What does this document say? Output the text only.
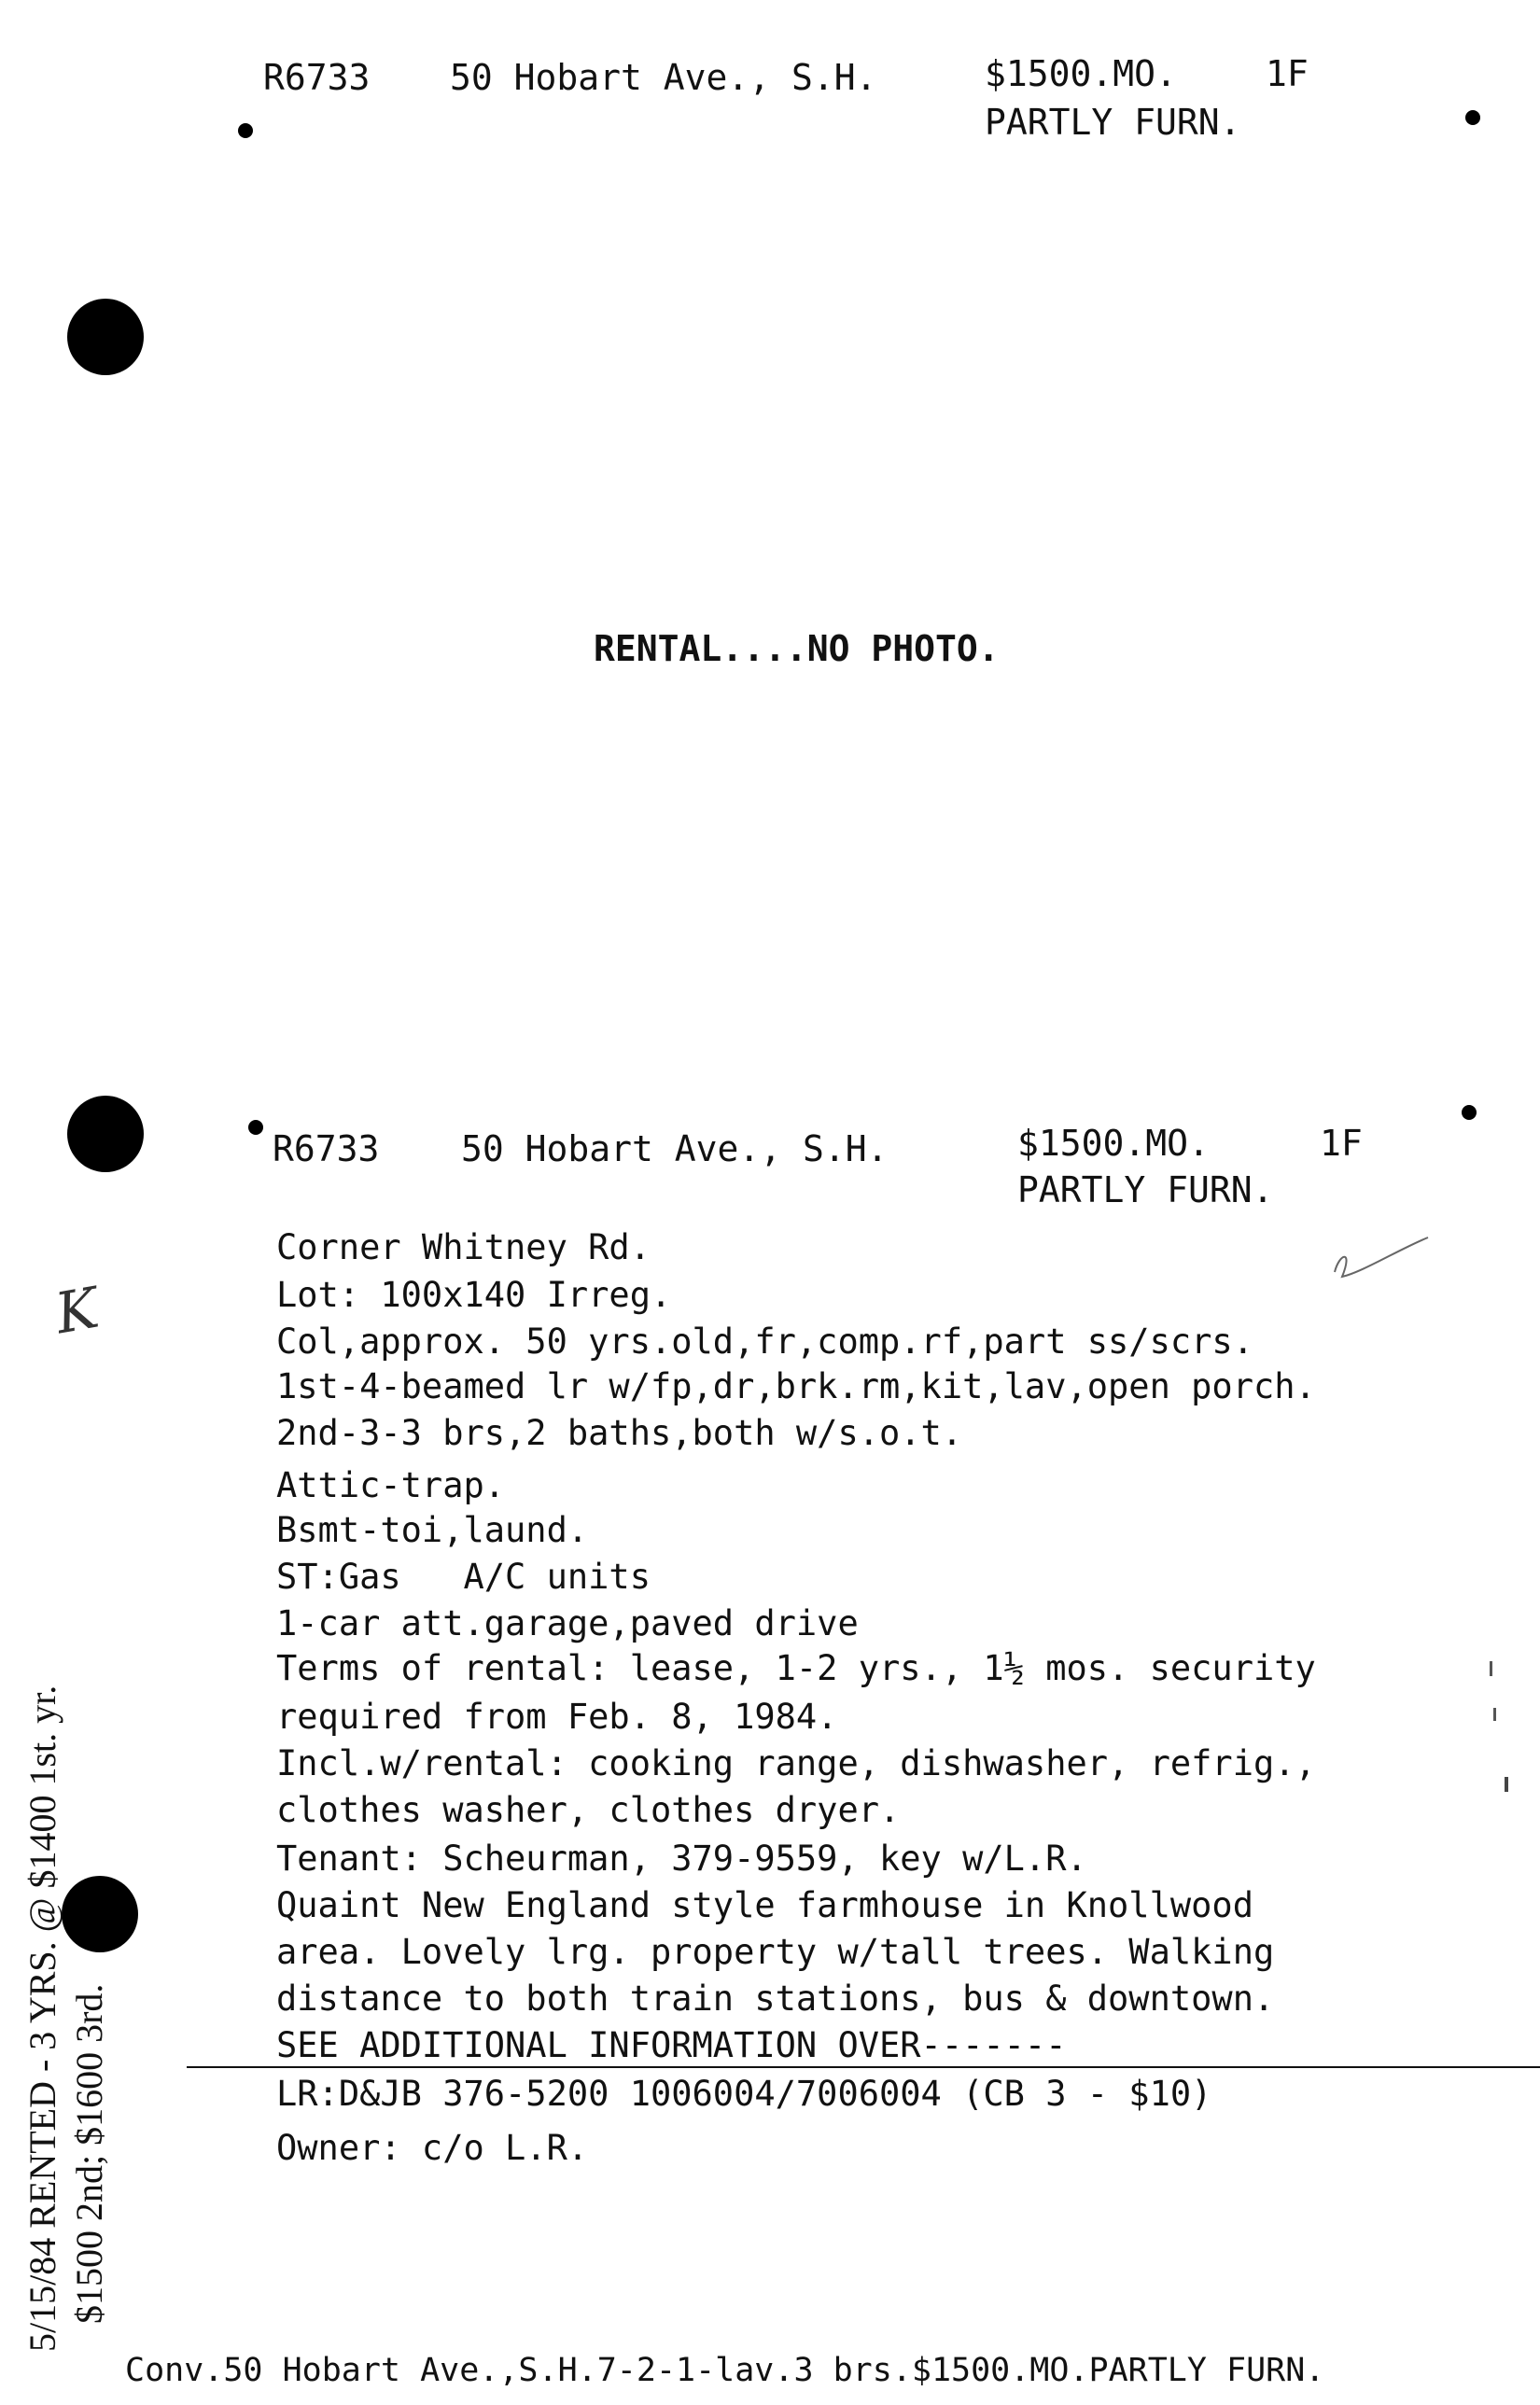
R6733 50 Hobart Ave., S.H.	$1500.MO.	1F
PARTLY FURN.
RENTAL....NO PHOTO.
R6733 50 Hobart Ave., S.H.	$1500.MO.	1F
PARTLY FURN.
Corner Whitney Rd.
Lot: 100x140 Irreg.
Col,approx. 50 yrs.old,fr,comp.rf,part ss/scrs.
1st-4-beamed lr w/fp,dr,brk.rm,kit,lav,open porch.
2nd-3-3 brs,2 baths,both w/s.o.t.
Attic-trap.
Bsmt-toi,laund.
ST:Gas   A/C units
1-car att.garage,paved drive
Terms of rental: lease, 1-2 yrs., 1½ mos. security
required from Feb. 8, 1984.
Incl.w/rental: cooking range, dishwasher, refrig.,
clothes washer, clothes dryer.
Tenant: Scheurman, 379-9559, key w/L.R.
Quaint New England style farmhouse in Knollwood
area. Lovely lrg. property w/tall trees. Walking
distance to both train stations, bus & downtown.
SEE ADDITIONAL INFORMATION OVER-------
LR:D&JB 376-5200 1006004/7006004 (CB 3 - $10)
Owner: c/o L.R.
Conv.50 Hobart Ave.,S.H.7-2-1-lav.3 brs.$1500.MO.PARTLY FURN.
5/15/84 RENTED - 3 YRS. @ $1400 1st. yr. $1500 2nd; $1600 3rd.
K
